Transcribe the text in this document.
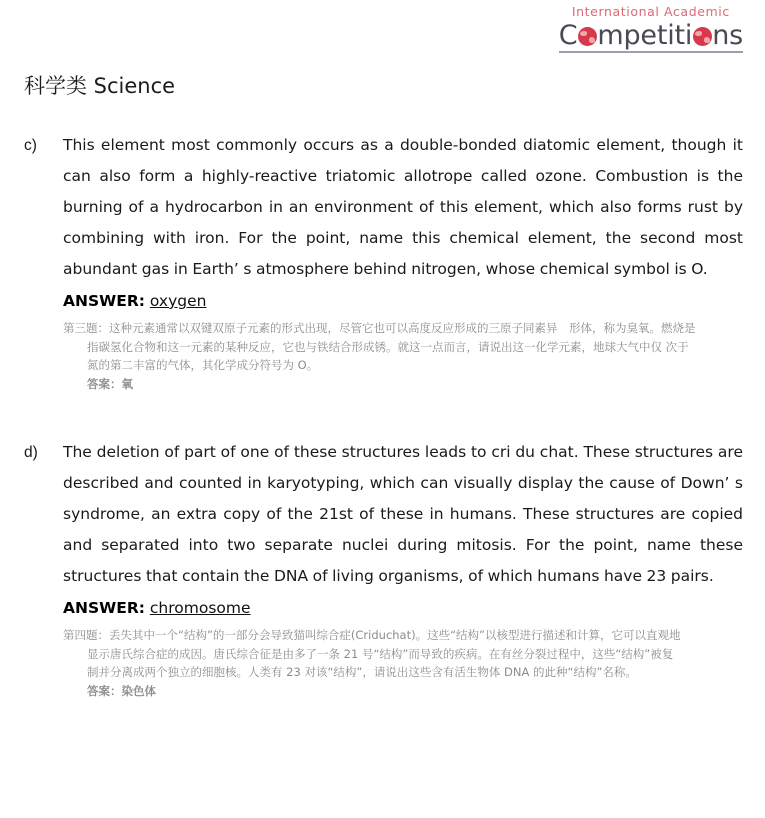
International Academic
C mpetiti ns
科学类 Science
c)	This element most commonly occurs as a double-bonded diatomic element, though it can also form a highly-reactive triatomic allotrope called ozone. Combustion is the burning of a hydrocarbon in an environment of this element, which also forms rust by combining with iron. For the point, name this chemical element, the second most abundant gas in Earth’ s atmosphere behind nitrogen, whose chemical symbol is O.
ANSWER: oxygen
第三题：这种元素通常以双键双原子元素的形式出现，尽管它也可以高度反应形成的三原子同素异　形体，称为臭氧。燃烧是
指碳氢化合物和这一元素的某种反应，它也与铁结合形成锈。就这一点而言，请说出这一化学元素，地球大气中仅 次于
氮的第二丰富的气体，其化学成分符号为 O。
答案：氧
d)	The deletion of part of one of these structures leads to cri du chat. These structures are described and counted in karyotyping, which can visually display the cause of Down’ s syndrome, an extra copy of the 21st of these in humans. These structures are copied and separated into two separate nuclei during mitosis. For the point, name these structures that contain the DNA of living organisms, of which humans have 23 pairs.
ANSWER: chromosome
第四题：丢失其中一个“结构”的一部分会导致猫叫综合症(Criduchat)。这些“结构”以核型进行描述和计算，它可以直观地
显示唐氏综合症的成因。唐氏综合征是由多了一条 21 号“结构”而导致的疾病。在有丝分裂过程中，这些“结构”被复
制并分离成两个独立的细胞核。人类有 23 对该“结构”，请说出这些含有活生物体 DNA 的此种“结构”名称。
答案：染色体
